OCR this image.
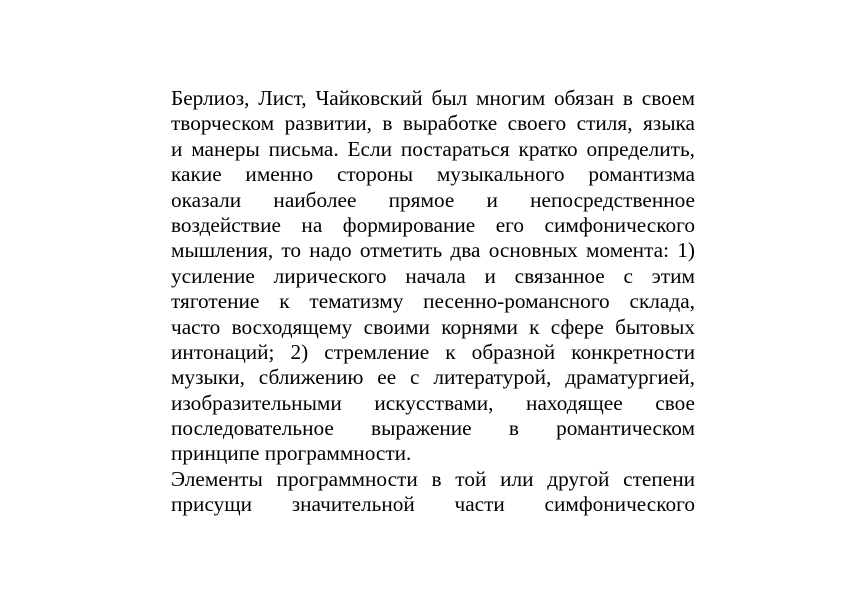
Берлиоз, Лист, Чайковский был многим обязан в своем
творческом развитии, в выработке своего стиля, языка
и манеры письма. Если постараться кратко определить,
какие именно стороны музыкального романтизма
оказали наиболее прямое и непосредственное
воздействие на формирование его симфонического
мышления, то надо отметить два основных момента: 1)
усиление лирического начала и связанное с этим
тяготение к тематизму песенно-романсного склада,
часто восходящему своими корнями к сфере бытовых
интонаций; 2) стремление к образной конкретности
музыки, сближению ее с литературой, драматургией,
изобразительными искусствами, находящее свое
последовательное выражение в романтическом
принципе программности.
Элементы программности в той или другой степени
присущи значительной части симфонического
